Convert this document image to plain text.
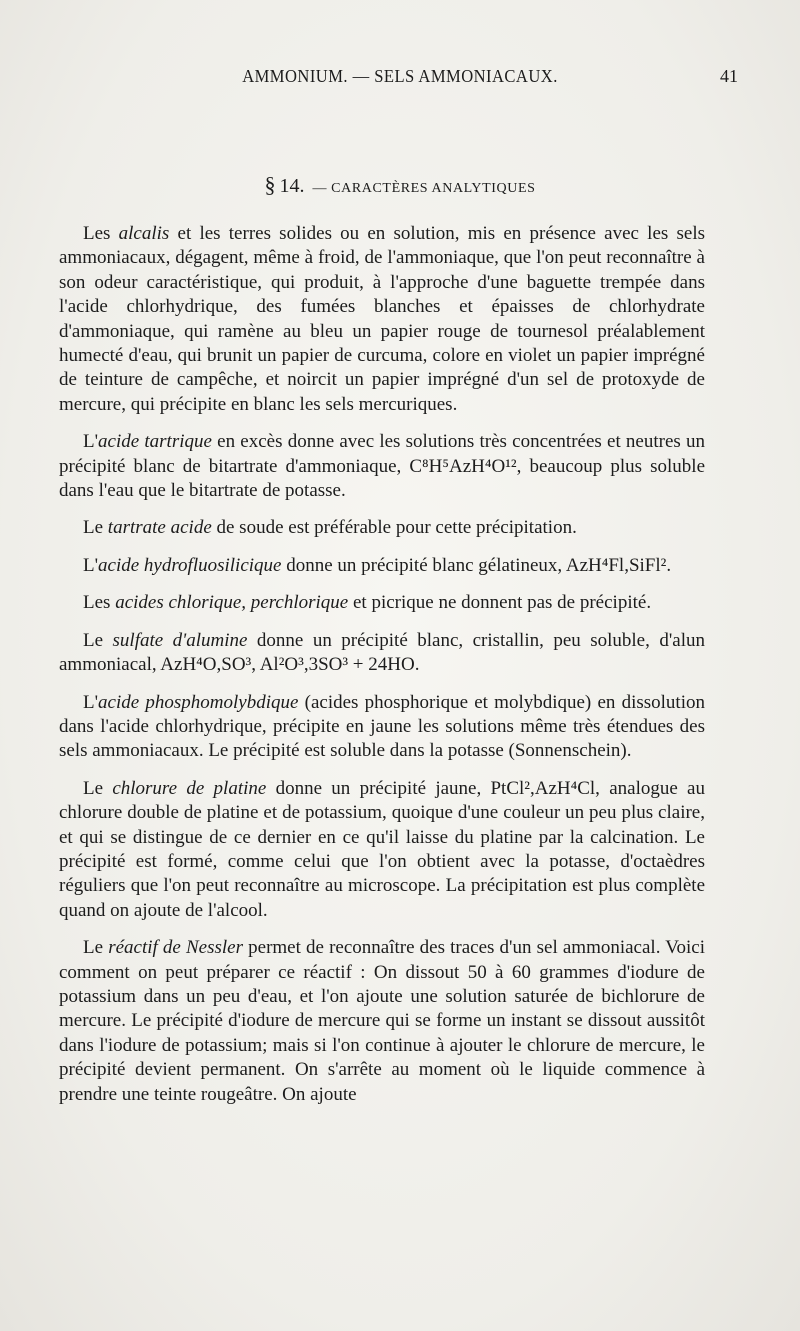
AMMONIUM. — SELS AMMONIACAUX.	41
§ 14. — CARACTÈRES ANALYTIQUES

Les alcalis et les terres solides ou en solution, mis en présence avec les sels ammoniacaux, dégagent, même à froid, de l'ammoniaque, que l'on peut reconnaître à son odeur caractéristique, qui produit, à l'approche d'une baguette trempée dans l'acide chlorhydrique, des fumées blanches et épaisses de chlorhydrate d'ammoniaque, qui ramène au bleu un papier rouge de tournesol préalablement humecté d'eau, qui brunit un papier de curcuma, colore en violet un papier imprégné de teinture de campêche, et noircit un papier imprégné d'un sel de protoxyde de mercure, qui précipite en blanc les sels mercuriques.

L'acide tartrique en excès donne avec les solutions très concentrées et neutres un précipité blanc de bitartrate d'ammoniaque, C⁸H⁵AzH⁴O¹², beaucoup plus soluble dans l'eau que le bitartrate de potasse.

Le tartrate acide de soude est préférable pour cette précipitation.

L'acide hydrofluosilicique donne un précipité blanc gélatineux, AzH⁴Fl,SiFl².

Les acides chlorique, perchlorique et picrique ne donnent pas de précipité.

Le sulfate d'alumine donne un précipité blanc, cristallin, peu soluble, d'alun ammoniacal, AzH⁴O,SO³, Al²O³,3SO³ + 24HO.

L'acide phosphomolybdique (acides phosphorique et molybdique) en dissolution dans l'acide chlorhydrique, précipite en jaune les solutions même très étendues des sels ammoniacaux. Le précipité est soluble dans la potasse (Sonnenschein).

Le chlorure de platine donne un précipité jaune, PtCl²,AzH⁴Cl, analogue au chlorure double de platine et de potassium, quoique d'une couleur un peu plus claire, et qui se distingue de ce dernier en ce qu'il laisse du platine par la calcination. Le précipité est formé, comme celui que l'on obtient avec la potasse, d'octaèdres réguliers que l'on peut reconnaître au microscope. La précipitation est plus complète quand on ajoute de l'alcool.

Le réactif de Nessler permet de reconnaître des traces d'un sel ammoniacal. Voici comment on peut préparer ce réactif : On dissout 50 à 60 grammes d'iodure de potassium dans un peu d'eau, et l'on ajoute une solution saturée de bichlorure de mercure. Le précipité d'iodure de mercure qui se forme un instant se dissout aussitôt dans l'iodure de potassium; mais si l'on continue à ajouter le chlorure de mercure, le précipité devient permanent. On s'arrête au moment où le liquide commence à prendre une teinte rougeâtre. On ajoute
